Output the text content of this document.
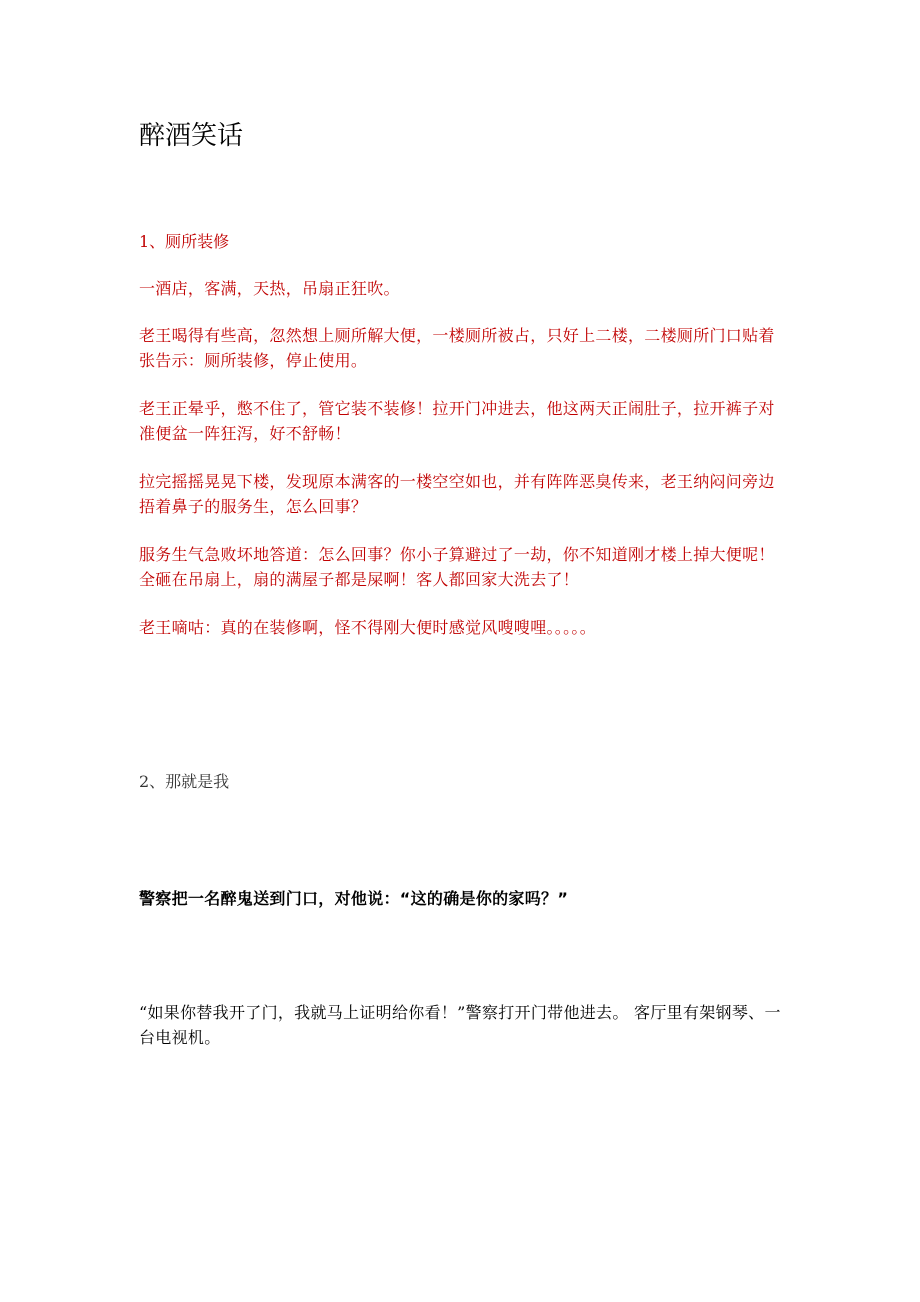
醉酒笑话

1、厕所装修

一酒店，客满，天热，吊扇正狂吹。

老王喝得有些高，忽然想上厕所解大便，一楼厕所被占，只好上二楼，二楼厕所门口贴着张告示：厕所装修，停止使用。

老王正晕乎，憋不住了，管它装不装修！拉开门冲进去，他这两天正闹肚子，拉开裤子对准便盆一阵狂泻，好不舒畅！

拉完摇摇晃晃下楼，发现原本满客的一楼空空如也，并有阵阵恶臭传来，老王纳闷问旁边捂着鼻子的服务生，怎么回事？

服务生气急败坏地答道：怎么回事？你小子算避过了一劫，你不知道刚才楼上掉大便呢！全砸在吊扇上，扇的满屋子都是屎啊！客人都回家大洗去了！

老王嘀咕：真的在装修啊，怪不得刚大便时感觉风嗖嗖哩。。。。。

2、那就是我

警察把一名醉鬼送到门口，对他说：“这的确是你的家吗？”

“如果你替我开了门，我就马上证明给你看！”警察打开门带他进去。 客厅里有架钢琴、一台电视机。
